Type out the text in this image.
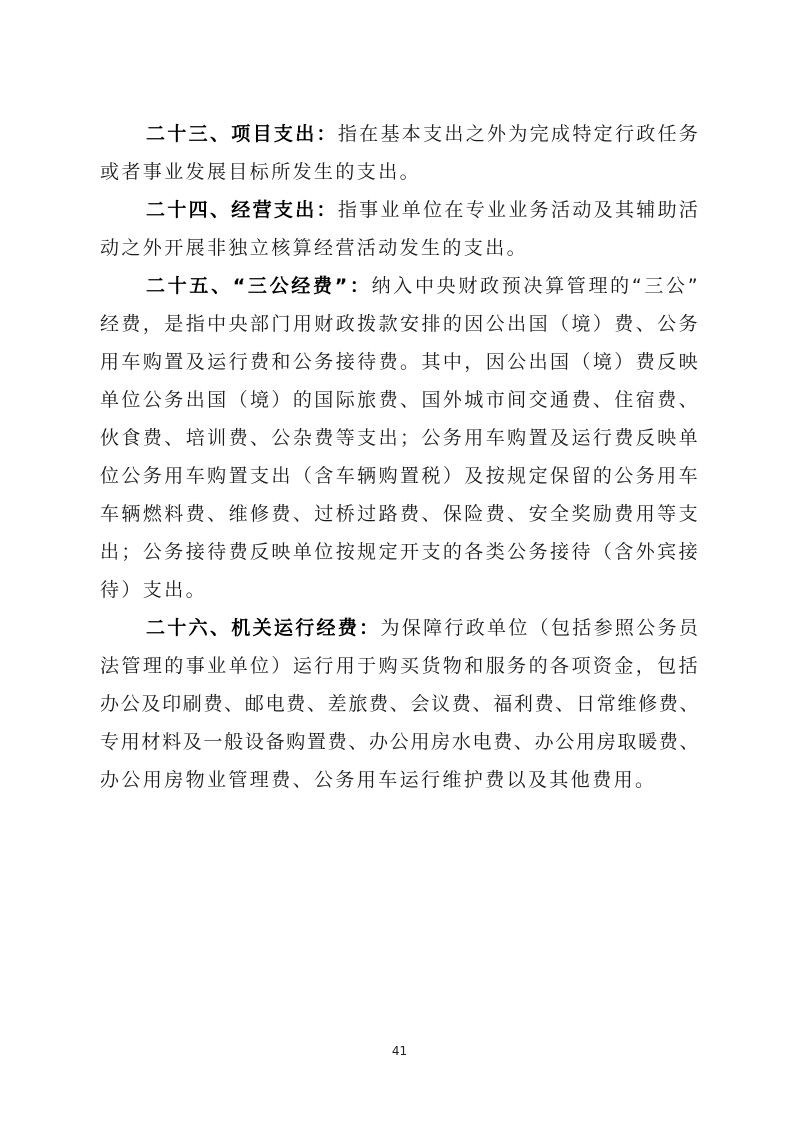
二十三、项目支出：指在基本支出之外为完成特定行政任务
或者事业发展目标所发生的支出。
二十四、经营支出：指事业单位在专业业务活动及其辅助活
动之外开展非独立核算经营活动发生的支出。
二十五、“三公经费”：纳入中央财政预决算管理的“三公”
经费，是指中央部门用财政拨款安排的因公出国（境）费、公务
用车购置及运行费和公务接待费。其中，因公出国（境）费反映
单位公务出国（境）的国际旅费、国外城市间交通费、住宿费、
伙食费、培训费、公杂费等支出；公务用车购置及运行费反映单
位公务用车购置支出（含车辆购置税）及按规定保留的公务用车
车辆燃料费、维修费、过桥过路费、保险费、安全奖励费用等支
出；公务接待费反映单位按规定开支的各类公务接待（含外宾接
待）支出。
二十六、机关运行经费：为保障行政单位（包括参照公务员
法管理的事业单位）运行用于购买货物和服务的各项资金，包括
办公及印刷费、邮电费、差旅费、会议费、福利费、日常维修费、
专用材料及一般设备购置费、办公用房水电费、办公用房取暖费、
办公用房物业管理费、公务用车运行维护费以及其他费用。
41
